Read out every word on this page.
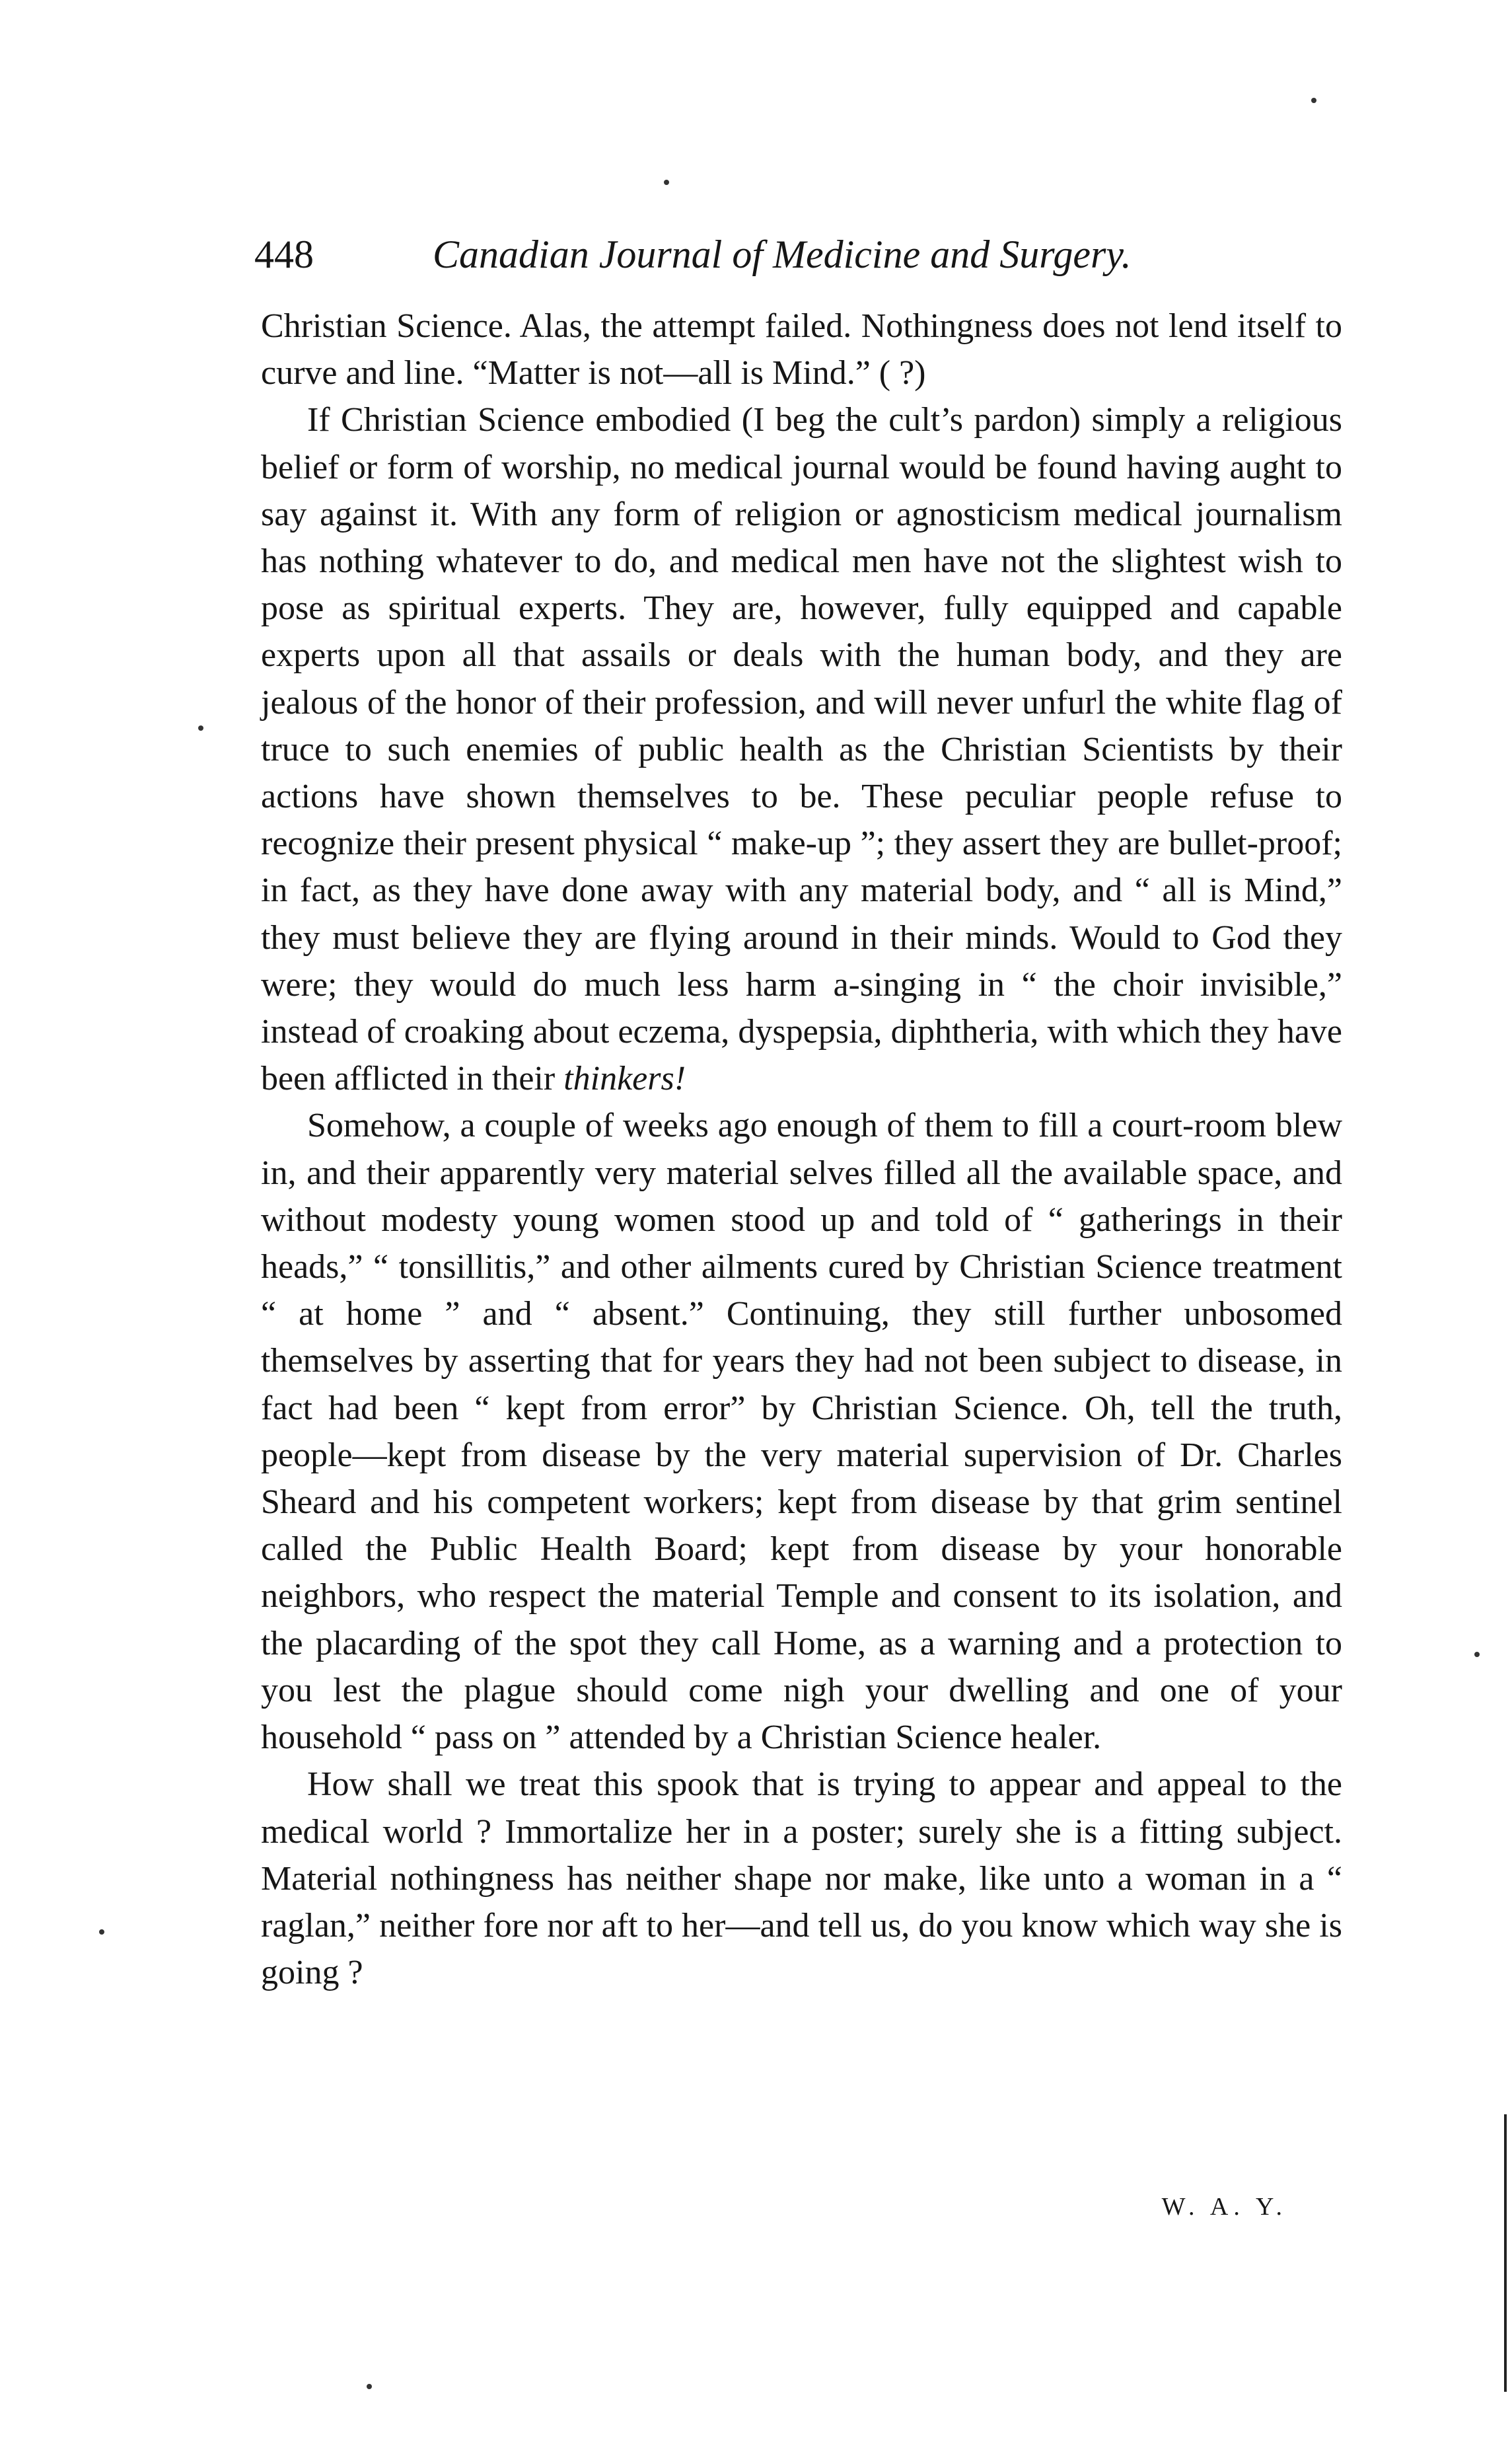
448	Canadian Journal of Medicine and Surgery.

Christian Science. Alas, the attempt failed. Nothingness does not lend itself to curve and line. “Matter is not—all is Mind.” ( ?)

If Christian Science embodied (I beg the cult’s pardon) simply a religious belief or form of worship, no medical journal would be found having aught to say against it. With any form of religion or agnosticism medical journalism has nothing whatever to do, and medical men have not the slightest wish to pose as spiritual experts. They are, however, fully equipped and capable experts upon all that assails or deals with the human body, and they are jealous of the honor of their profession, and will never unfurl the white flag of truce to such enemies of public health as the Christian Scientists by their actions have shown themselves to be. These peculiar people refuse to recognize their present physical “ make-up ”; they assert they are bullet-proof; in fact, as they have done away with any material body, and “ all is Mind,” they must believe they are flying around in their minds. Would to God they were; they would do much less harm a-singing in “ the choir invisible,” instead of croaking about eczema, dyspepsia, diphtheria, with which they have been afflicted in their thinkers!

Somehow, a couple of weeks ago enough of them to fill a court-room blew in, and their apparently very material selves filled all the available space, and without modesty young women stood up and told of “ gatherings in their heads,” “ tonsillitis,” and other ailments cured by Christian Science treatment “ at home ” and “ absent.” Continuing, they still further unbosomed themselves by asserting that for years they had not been subject to disease, in fact had been “ kept from error” by Christian Science. Oh, tell the truth, people—kept from disease by the very material supervision of Dr. Charles Sheard and his competent workers; kept from disease by that grim sentinel called the Public Health Board; kept from disease by your honorable neighbors, who respect the material Temple and consent to its isolation, and the placarding of the spot they call Home, as a warning and a protection to you lest the plague should come nigh your dwelling and one of your household “ pass on ” attended by a Christian Science healer.

How shall we treat this spook that is trying to appear and appeal to the medical world ? Immortalize her in a poster; surely she is a fitting subject. Material nothingness has neither shape nor make, like unto a woman in a “ raglan,” neither fore nor aft to her—and tell us, do you know which way she is going ?

W. A. Y.
